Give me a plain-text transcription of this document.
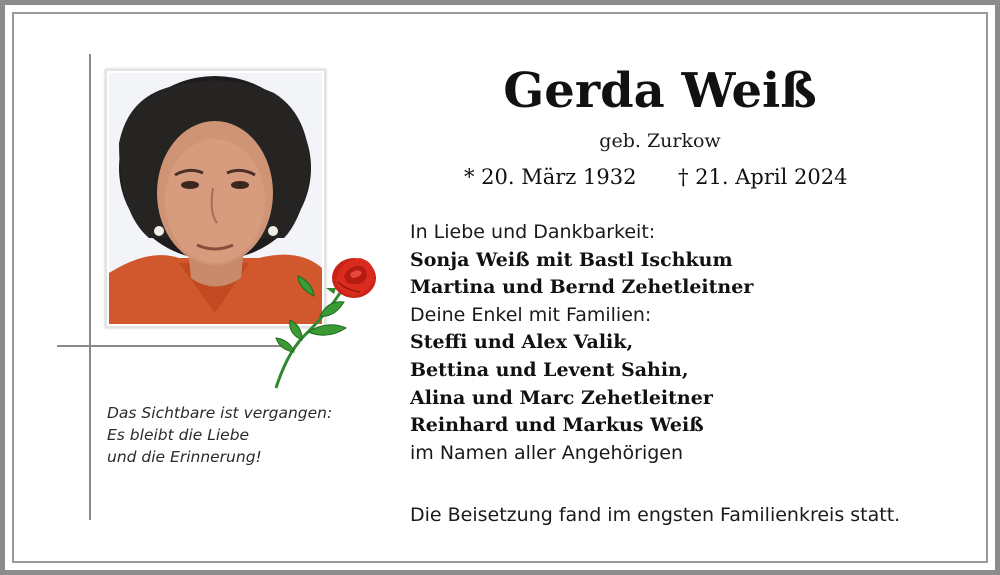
Das Sichtbare ist vergangen:
Es bleibt die Liebe
und die Erinnerung!
Gerda Weiß
geb. Zurkow
* 20. März 1932 † 21. April 2024
In Liebe und Dankbarkeit:
Sonja Weiß mit Bastl Ischkum
Martina und Bernd Zehetleitner
Deine Enkel mit Familien:
Steffi und Alex Valik,
Bettina und Levent Sahin,
Alina und Marc Zehetleitner
Reinhard und Markus Weiß
im Namen aller Angehörigen
Die Beisetzung fand im engsten Familienkreis statt.
